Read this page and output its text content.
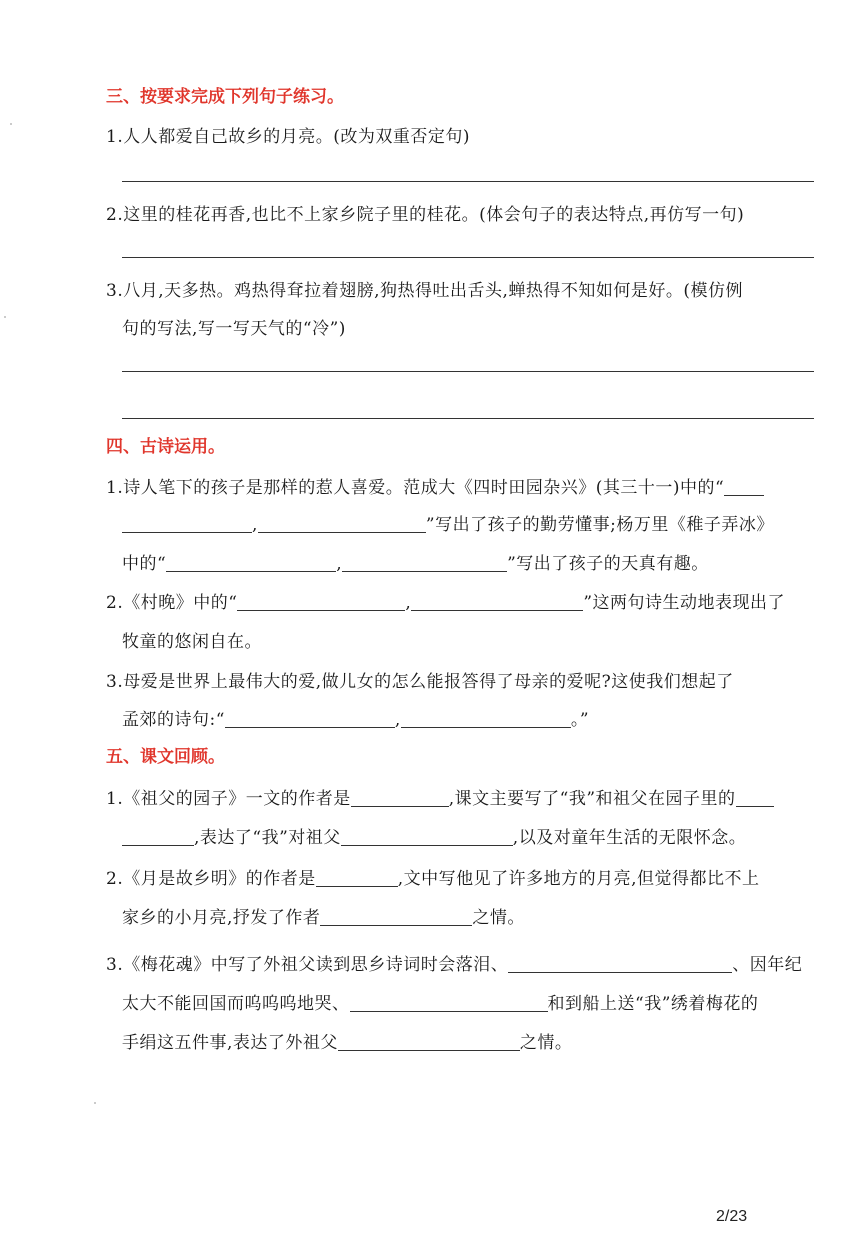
三、按要求完成下列句子练习。
1.人人都爱自己故乡的月亮。(改为双重否定句)
2.这里的桂花再香,也比不上家乡院子里的桂花。(体会句子的表达特点,再仿写一句)
3.八月,天多热。鸡热得耷拉着翅膀,狗热得吐出舌头,蝉热得不知如何是好。(模仿例
句的写法,写一写天气的“冷”)
四、古诗运用。
1.诗人笔下的孩子是那样的惹人喜爱。范成大《四时田园杂兴》(其三十一)中的“
,	”写出了孩子的勤劳懂事;杨万里《稚子弄冰》
中的“	,	”写出了孩子的天真有趣。
2.《村晚》中的“	,	”这两句诗生动地表现出了
牧童的悠闲自在。
3.母爱是世界上最伟大的爱,做儿女的怎么能报答得了母亲的爱呢?这使我们想起了
孟郊的诗句:“	,	。”
五、课文回顾。
1.《祖父的园子》一文的作者是	,课文主要写了“我”和祖父在园子里的
,表达了“我”对祖父	,以及对童年生活的无限怀念。
2.《月是故乡明》的作者是	,文中写他见了许多地方的月亮,但觉得都比不上
家乡的小月亮,抒发了作者	之情。
3.《梅花魂》中写了外祖父读到思乡诗词时会落泪、	、因年纪
太大不能回国而呜呜呜地哭、	和到船上送“我”绣着梅花的
手绢这五件事,表达了外祖父	之情。
2/23
